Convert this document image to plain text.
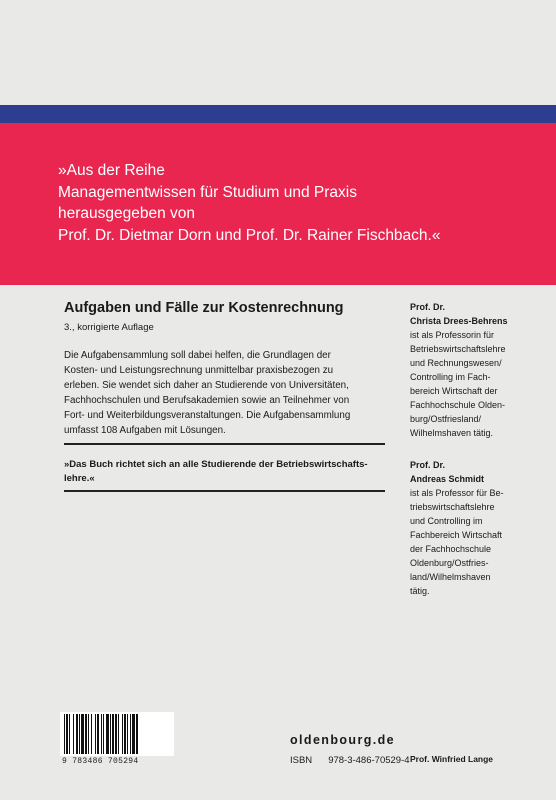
»Aus der Reihe
Managementwissen für Studium und Praxis
herausgegeben von
Prof. Dr. Dietmar Dorn und Prof. Dr. Rainer Fischbach.«
Aufgaben und Fälle zur Kostenrechnung
3., korrigierte Auflage
Die Aufgabensammlung soll dabei helfen, die Grundlagen der
Kosten- und Leistungsrechnung unmittelbar praxisbezogen zu
erleben. Sie wendet sich daher an Studierende von Universitäten,
Fachhochschulen und Berufsakademien sowie an Teilnehmer von
Fort- und Weiterbildungsveranstaltungen. Die Aufgabensammlung
umfasst 108 Aufgaben mit Lösungen.
»Das Buch richtet sich an alle Studierende der Betriebswirtschafts-
lehre.«
Prof. Dr.
Christa Drees-Behrens
ist als Professorin für
Betriebswirtschaftslehre
und Rechnungswesen/
Controlling im Fach-
bereich Wirtschaft der
Fachhochschule Olden-
burg/Ostfriesland/
Wilhelmshaven tätig.
Prof. Dr.
Andreas Schmidt
ist als Professor für Be-
triebswirtschaftslehre
und Controlling im
Fachbereich Wirtschaft
der Fachhochschule
Oldenburg/Ostfries-
land/Wilhelmshaven
tätig.
9 783486 705294
oldenbourg.de
ISBN 978-3-486-70529-4 Prof. Winfried Lange
